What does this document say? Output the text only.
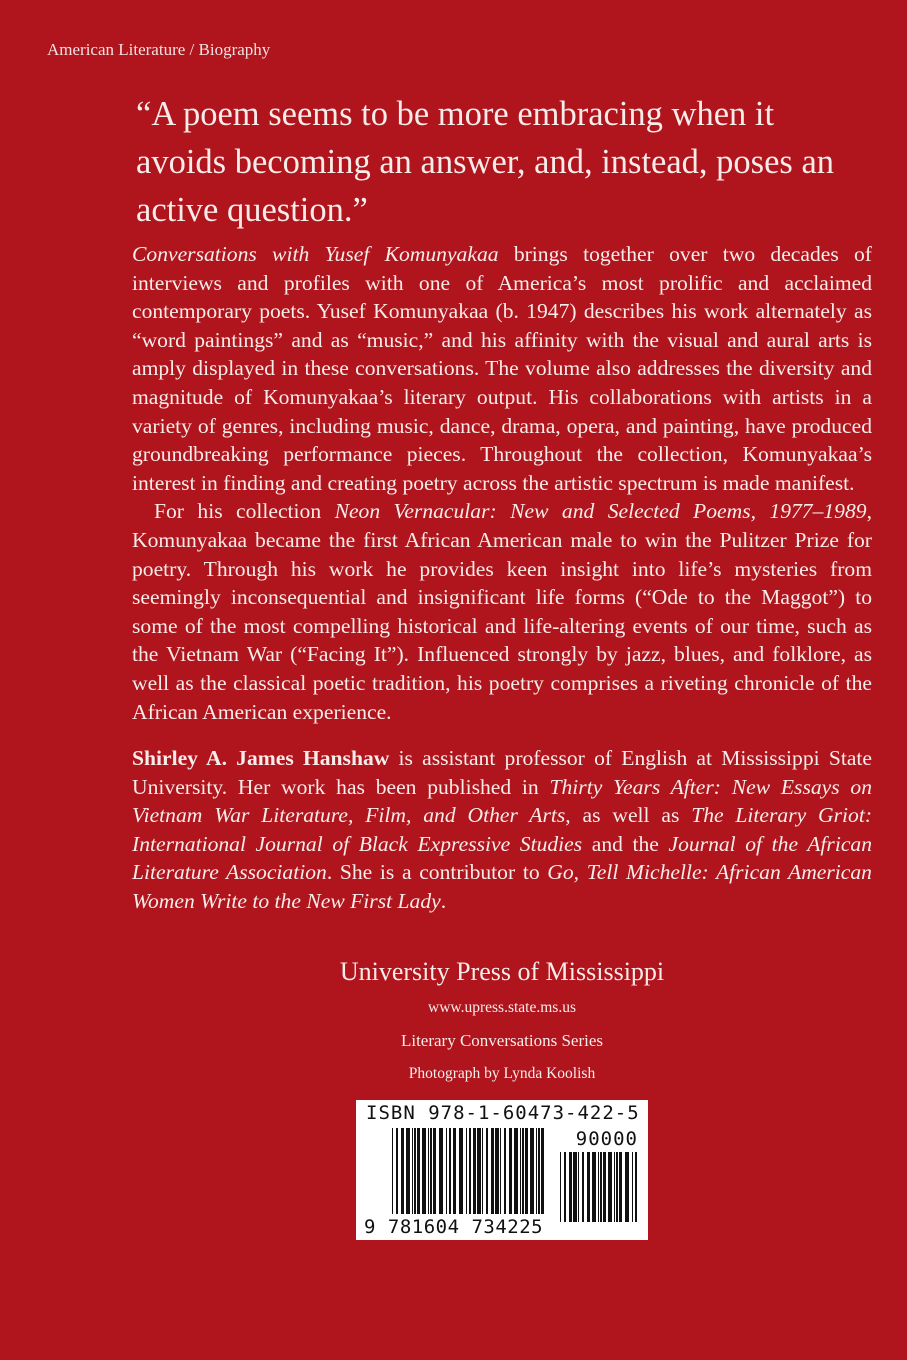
American Literature / Biography
“A poem seems to be more embracing when it avoids becoming an answer, and, instead, poses an active question.”

Conversations with Yusef Komunyakaa brings together over two decades of interviews and profiles with one of America’s most prolific and acclaimed contemporary poets. Yusef Komunyakaa (b. 1947) describes his work alternately as “word paintings” and as “music,” and his affinity with the visual and aural arts is amply displayed in these conversations. The volume also addresses the diversity and magnitude of Komunyakaa’s literary output. His collaborations with artists in a variety of genres, including music, dance, drama, opera, and painting, have produced groundbreaking performance pieces. Throughout the collection, Komunyakaa’s interest in finding and creating poetry across the artistic spectrum is made manifest.

For his collection Neon Vernacular: New and Selected Poems, 1977–1989, Komunyakaa became the first African American male to win the Pulitzer Prize for poetry. Through his work he provides keen insight into life’s mysteries from seemingly inconsequential and insignificant life forms (“Ode to the Maggot”) to some of the most compelling historical and life-altering events of our time, such as the Vietnam War (“Facing It”). Influenced strongly by jazz, blues, and folklore, as well as the classical poetic tradition, his poetry comprises a riveting chronicle of the African American experience.

Shirley A. James Hanshaw is assistant professor of English at Mississippi State University. Her work has been published in Thirty Years After: New Essays on Vietnam War Literature, Film, and Other Arts, as well as The Literary Griot: International Journal of Black Expressive Studies and the Journal of the African Literature Association. She is a contributor to Go, Tell Michelle: African American Women Write to the New First Lady.

University Press of Mississippi
www.upress.state.ms.us
Literary Conversations Series
Photograph by Lynda Koolish
ISBN 978-1-60473-422-5
90000
9 781604 734225
